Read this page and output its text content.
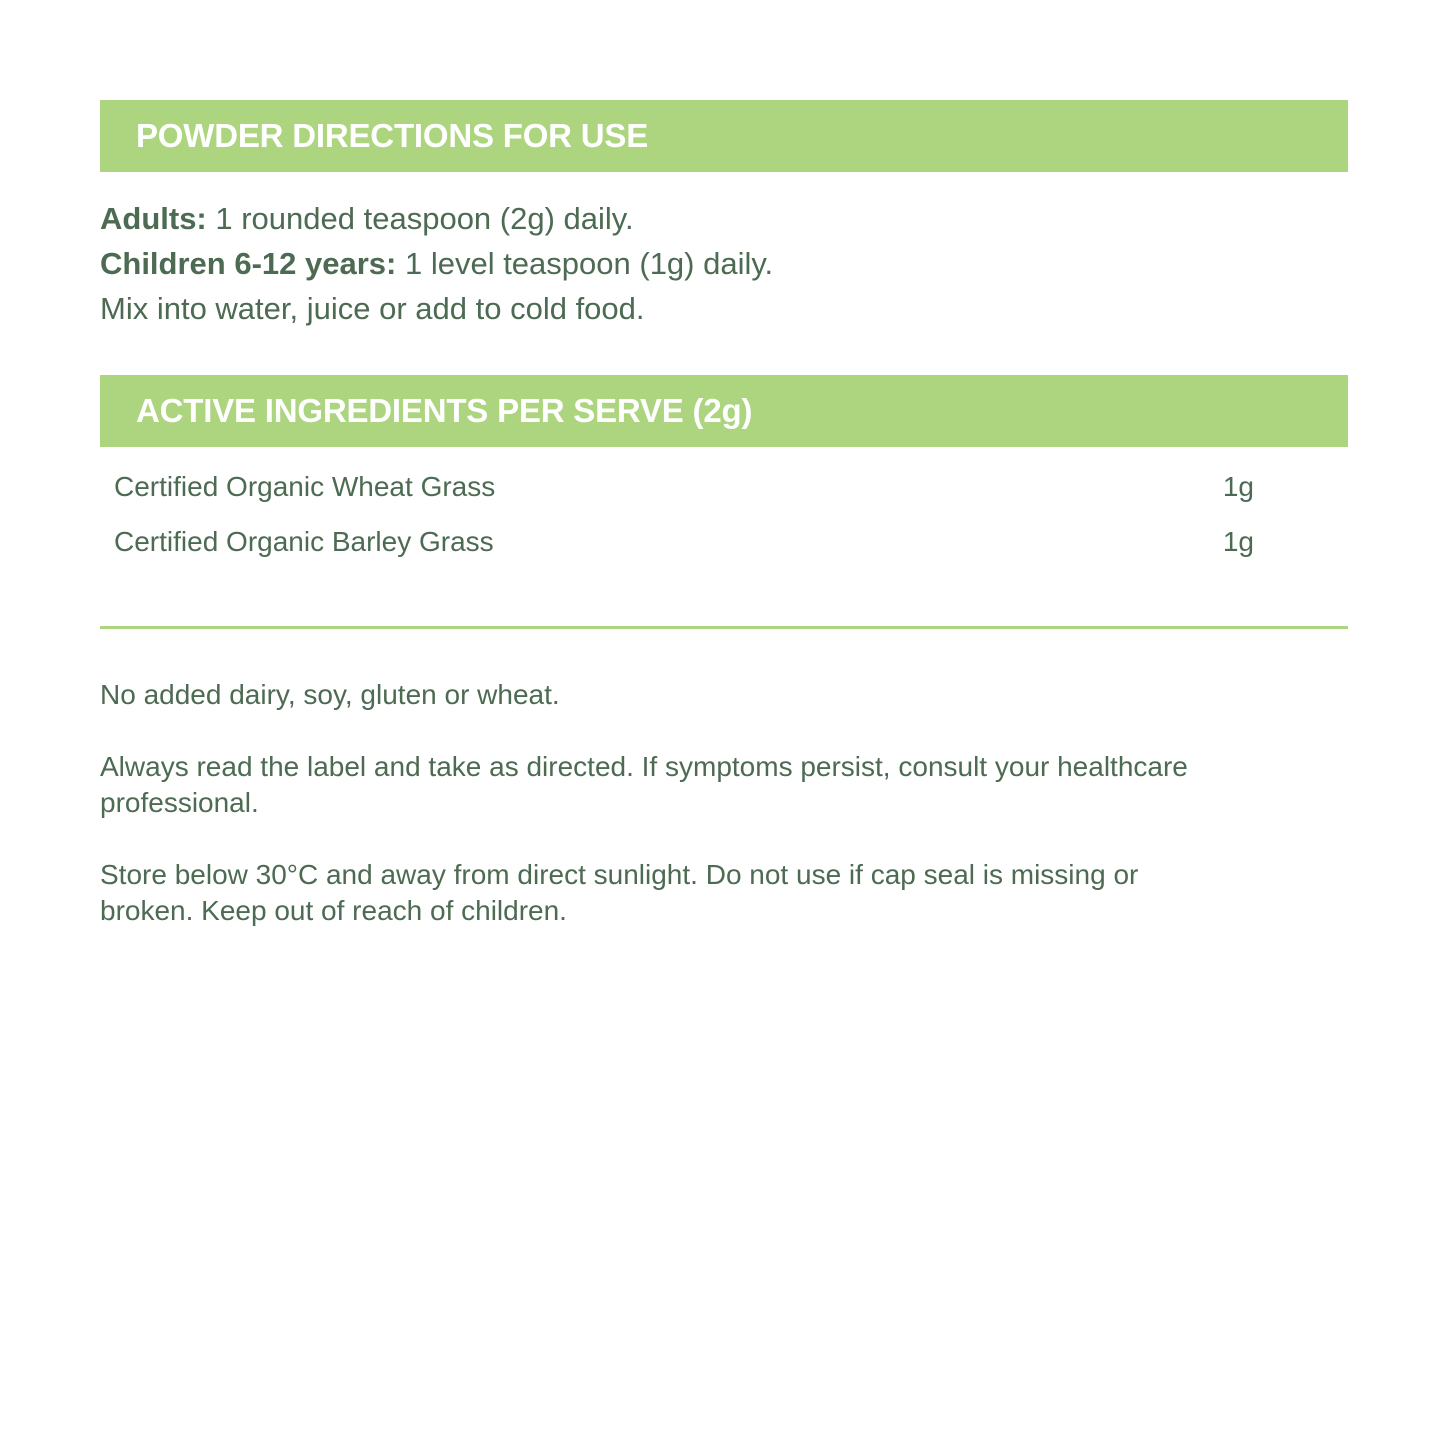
POWDER DIRECTIONS FOR USE
Adults: 1 rounded teaspoon (2g) daily.
Children 6-12 years: 1 level teaspoon (1g) daily.
Mix into water, juice or add to cold food.
ACTIVE INGREDIENTS PER SERVE (2g)
Certified Organic Wheat Grass	1g
Certified Organic Barley Grass	1g

No added dairy, soy, gluten or wheat.

Always read the label and take as directed. If symptoms persist, consult your healthcare professional.

Store below 30°C and away from direct sunlight. Do not use if cap seal is missing or broken. Keep out of reach of children.
